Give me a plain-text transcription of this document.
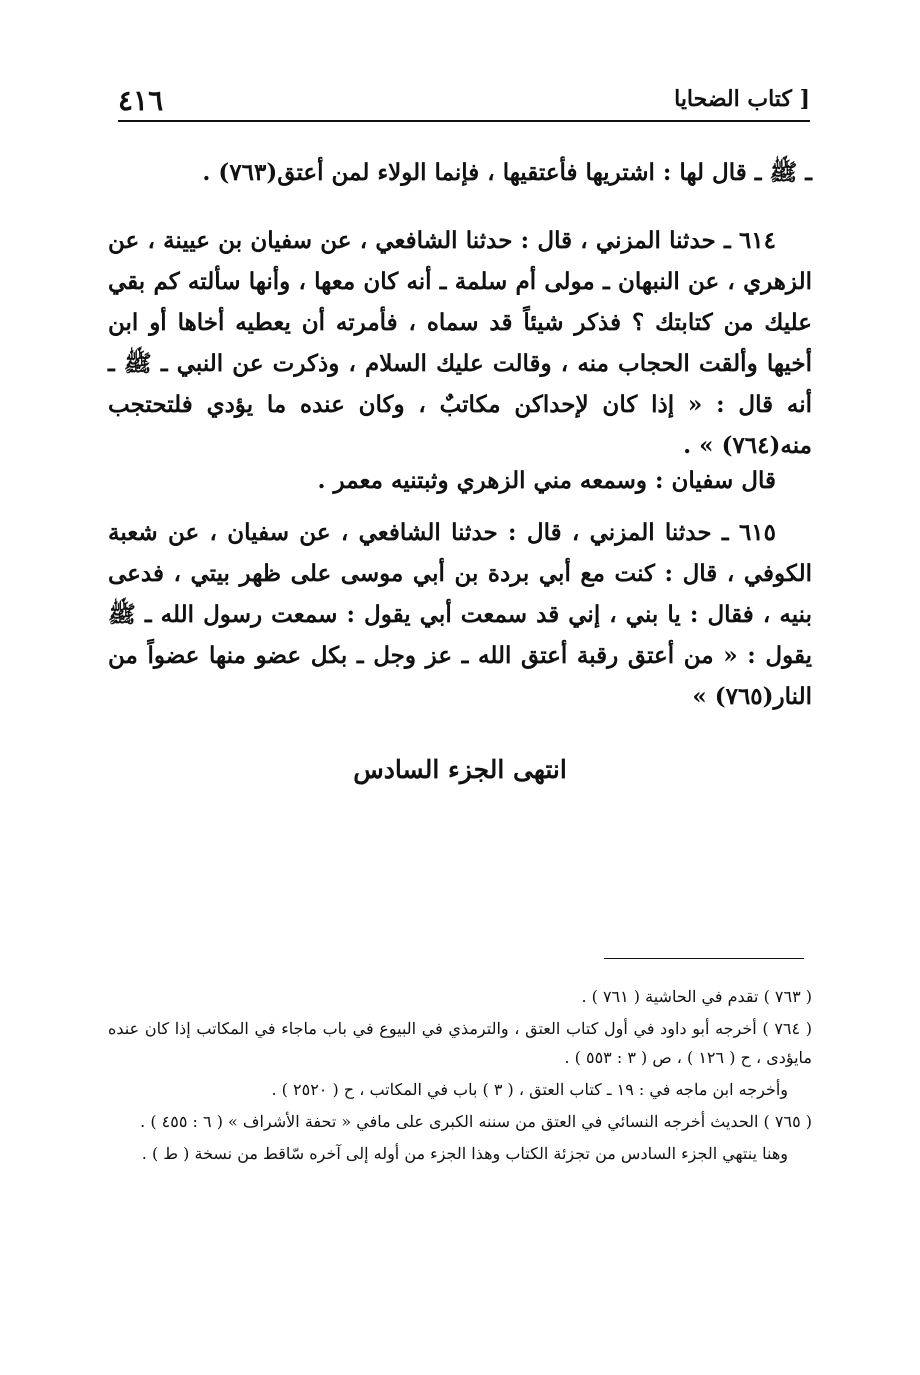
٤١٦	[ كتاب الضحايا
ـ ﷺ ـ قال لها : اشتريها فأعتقيها ، فإنما الولاء لمن أعتق(٧٦٣) .
٦١٤ ـ حدثنا المزني ، قال : حدثنا الشافعي ، عن سفيان بن عيينة ، عن الزهري ، عن النبهان ـ مولى أم سلمة ـ أنه كان معها ، وأنها سألته كم بقي عليك من كتابتك ؟ فذكر شيئاً قد سماه ، فأمرته أن يعطيه أخاها أو ابن أخيها وألقت الحجاب منه ، وقالت عليك السلام ، وذكرت عن النبي ـ ﷺ ـ أنه قال : « إذا كان لإحداكن مكاتبٌ ، وكان عنده ما يؤدي فلتحتجب منه(٧٦٤) » .
قال سفيان : وسمعه مني الزهري وثبتنيه معمر .
٦١٥ ـ حدثنا المزني ، قال : حدثنا الشافعي ، عن سفيان ، عن شعبة الكوفي ، قال : كنت مع أبي بردة بن أبي موسى على ظهر بيتي ، فدعى بنيه ، فقال : يا بني ، إني قد سمعت أبي يقول : سمعت رسول الله ـ ﷺ يقول : « من أعتق رقبة أعتق الله ـ عز وجل ـ بكل عضو منها عضواً من النار(٧٦٥) »
انتهى الجزء السادس

( ٧٦٣ ) تقدم في الحاشية ( ٧٦١ ) .

( ٧٦٤ ) أخرجه أبو داود في أول كتاب العتق ، والترمذي في البيوع في باب ماجاء في المكاتب إذا كان عنده مايؤدى ، ح ( ١٢٦ ) ، ص ( ٣ : ٥٥٣ ) .

وأخرجه ابن ماجه في : ١٩ ـ كتاب العتق ، ( ٣ ) باب في المكاتب ، ح ( ٢٥٢٠ ) .

( ٧٦٥ ) الحديث أخرجه النسائي في العتق من سننه الكبرى على مافي « تحفة الأشراف » ( ٦ : ٤٥٥ ) .

وهنا ينتهي الجزء السادس من تجزئة الكتاب وهذا الجزء من أوله إلى آخره سّاقط من نسخة ( ط ) .
